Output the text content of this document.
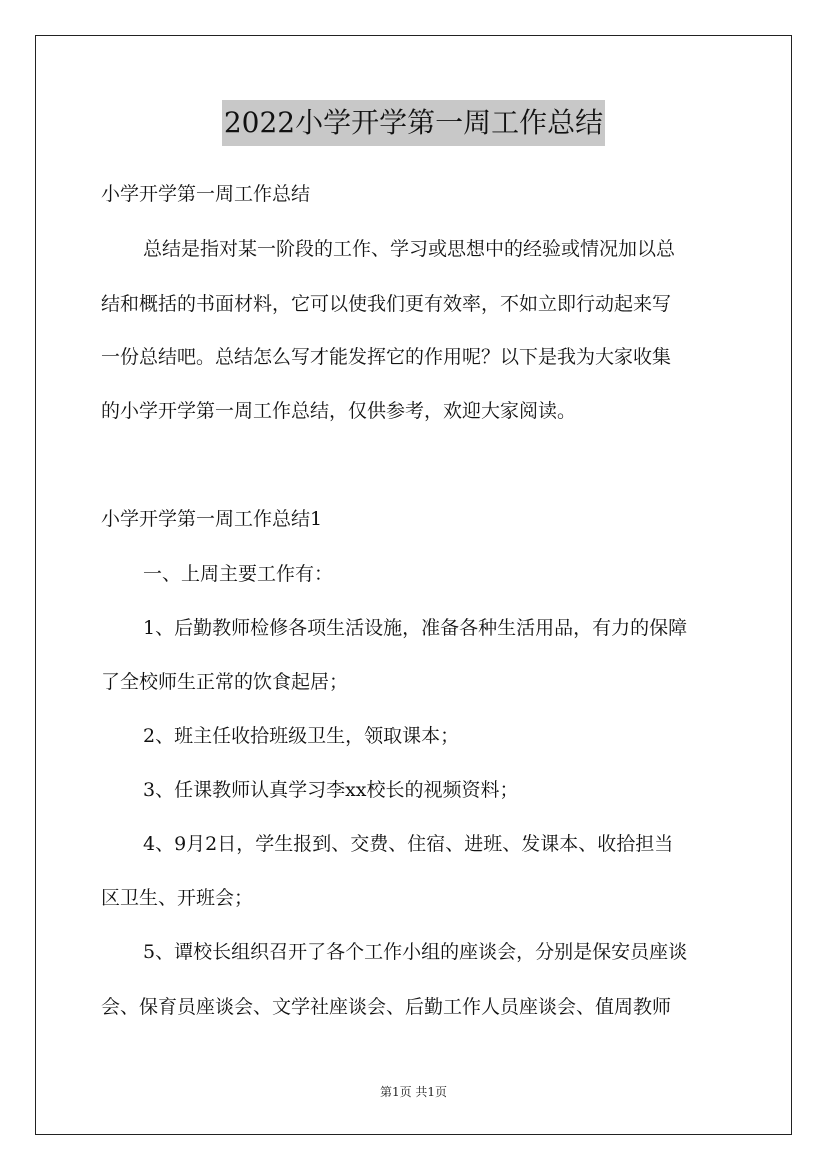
2022小学开学第一周工作总结
小学开学第一周工作总结
总结是指对某一阶段的工作、学习或思想中的经验或情况加以总
结和概括的书面材料，它可以使我们更有效率，不如立即行动起来写
一份总结吧。总结怎么写才能发挥它的作用呢？以下是我为大家收集
的小学开学第一周工作总结，仅供参考，欢迎大家阅读。
小学开学第一周工作总结1
一、上周主要工作有：
1、后勤教师检修各项生活设施，准备各种生活用品，有力的保障
了全校师生正常的饮食起居；
2、班主任收拾班级卫生，领取课本；
3、任课教师认真学习李xx校长的视频资料；
4、9月2日，学生报到、交费、住宿、进班、发课本、收拾担当
区卫生、开班会；
5、谭校长组织召开了各个工作小组的座谈会，分别是保安员座谈
会、保育员座谈会、文学社座谈会、后勤工作人员座谈会、值周教师
第1页 共1页
